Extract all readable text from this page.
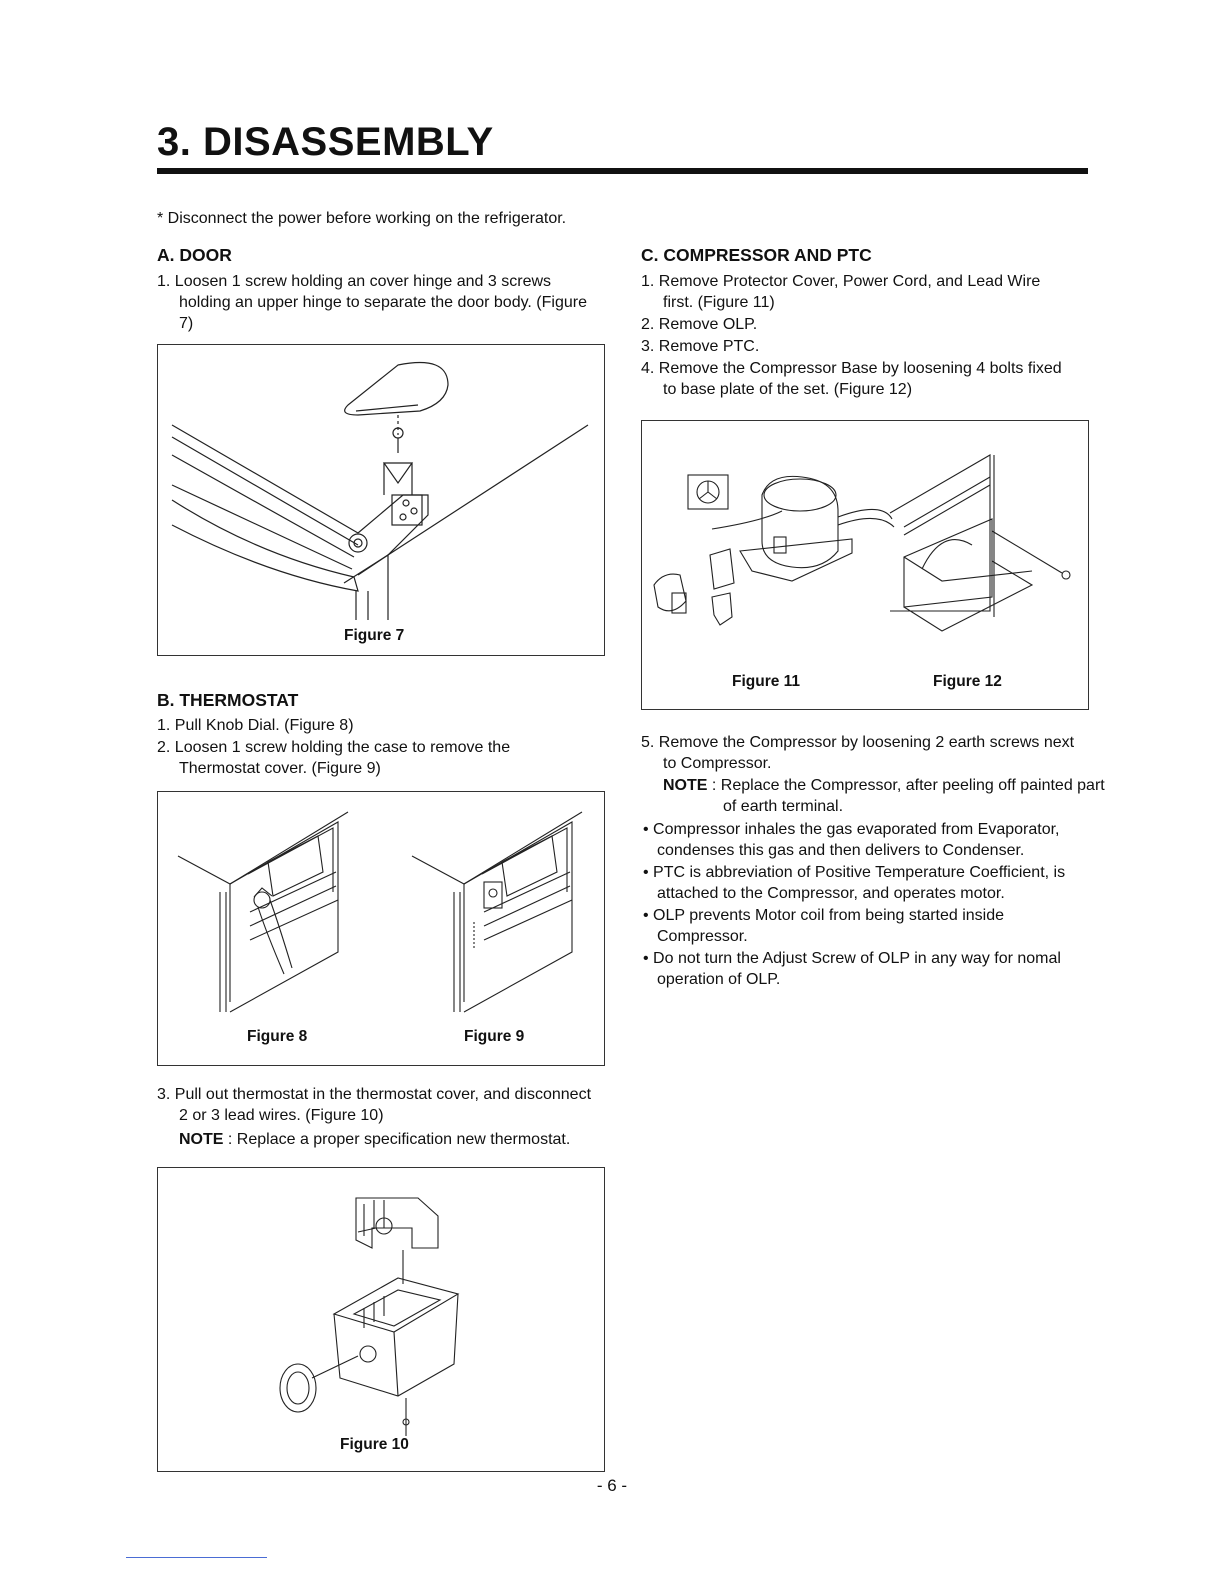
3. DISASSEMBLY
* Disconnect the power before working on the refrigerator.
A. DOOR
1. Loosen 1 screw holding an cover hinge and 3 screws holding an upper hinge to separate the door body. (Figure 7)
Figure 7
B. THERMOSTAT
1. Pull Knob Dial. (Figure 8)
2. Loosen 1 screw holding the case to remove the Thermostat cover. (Figure 9)
Figure 8	Figure 9
3. Pull out thermostat in the thermostat cover, and disconnect 2 or 3 lead wires. (Figure 10)
NOTE : Replace a proper specification new thermostat.
Figure 10
C. COMPRESSOR AND PTC
1. Remove Protector Cover, Power Cord, and Lead Wire first. (Figure 11)
2. Remove OLP.
3. Remove PTC.
4. Remove the Compressor Base by loosening 4 bolts fixed to base plate of the set. (Figure 12)
Figure 11	Figure 12
5. Remove the Compressor by loosening 2 earth screws next to Compressor.
NOTE : Replace the Compressor, after peeling off painted part of earth terminal.
• Compressor inhales the gas evaporated from Evaporator, condenses this gas and then delivers to Condenser.
• PTC is abbreviation of Positive Temperature Coefficient, is attached to the Compressor, and operates motor.
• OLP prevents Motor coil from being started inside Compressor.
• Do not turn the Adjust Screw of OLP in any way for nomal operation of OLP.
- 6 -
